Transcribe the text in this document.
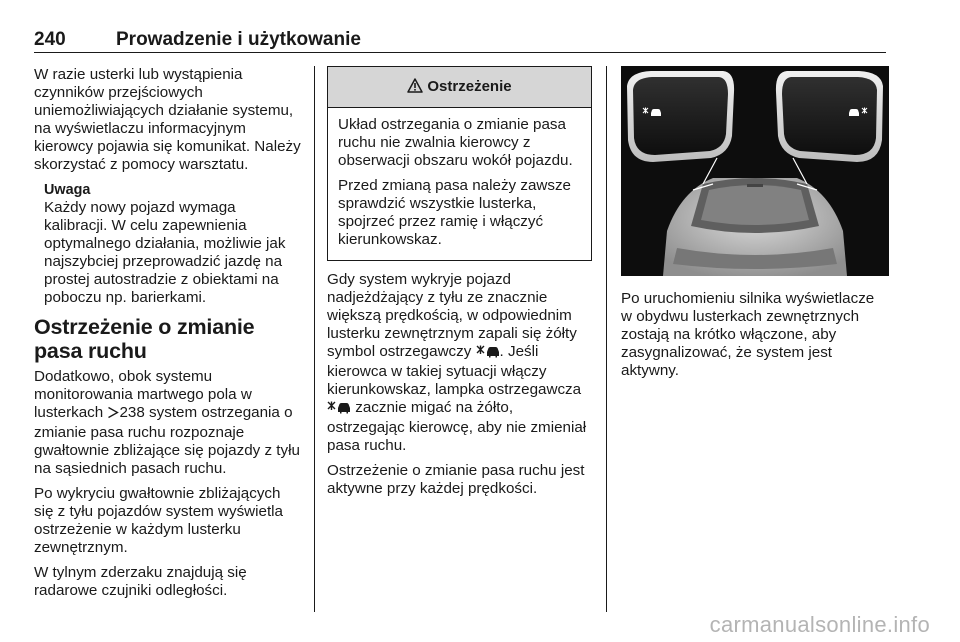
240	Prowadzenie i użytkowanie

W razie usterki lub wystąpienia czynników przejściowych uniemożliwiających działanie systemu, na wyświetlaczu informacyjnym kierowcy pojawia się komunikat. Należy skorzystać z pomocy warsztatu.

Uwaga
Każdy nowy pojazd wymaga kalibracji. W celu zapewnienia optymalnego działania, możliwie jak najszybciej przeprowadzić jazdę na prostej autostradzie z obiektami na poboczu np. barierkami.
Ostrzeżenie o zmianie pasa ruchu

Dodatkowo, obok systemu monitorowania martwego pola w lusterkach 238 system ostrzegania o zmianie pasa ruchu rozpoznaje gwałtownie zbliżające się pojazdy z tyłu na sąsiednich pasach ruchu.

Po wykryciu gwałtownie zbliżających się z tyłu pojazdów system wyświetla ostrzeżenie w każdym lusterku zewnętrznym.

W tylnym zderzaku znajdują się radarowe czujniki odległości.

Ostrzeżenie

Układ ostrzegania o zmianie pasa ruchu nie zwalnia kierowcy z obserwacji obszaru wokół pojazdu.

Przed zmianą pasa należy zawsze sprawdzić wszystkie lusterka, spojrzeć przez ramię i włączyć kierunkowskaz.

Gdy system wykryje pojazd nadjeżdżający z tyłu ze znacznie większą prędkością, w odpowiednim lusterku zewnętrznym zapali się żółty symbol ostrzegawczy . Jeśli kierowca w takiej sytuacji włączy kierunkowskaz, lampka ostrzegawcza  zacznie migać na żółto, ostrzegając kierowcę, aby nie zmieniał pasa ruchu.

Ostrzeżenie o zmianie pasa ruchu jest aktywne przy każdej prędkości.

Po uruchomieniu silnika wyświetlacze w obydwu lusterkach zewnętrznych zostają na krótko włączone, aby zasygnalizować, że system jest aktywny.

carmanualsonline.info
